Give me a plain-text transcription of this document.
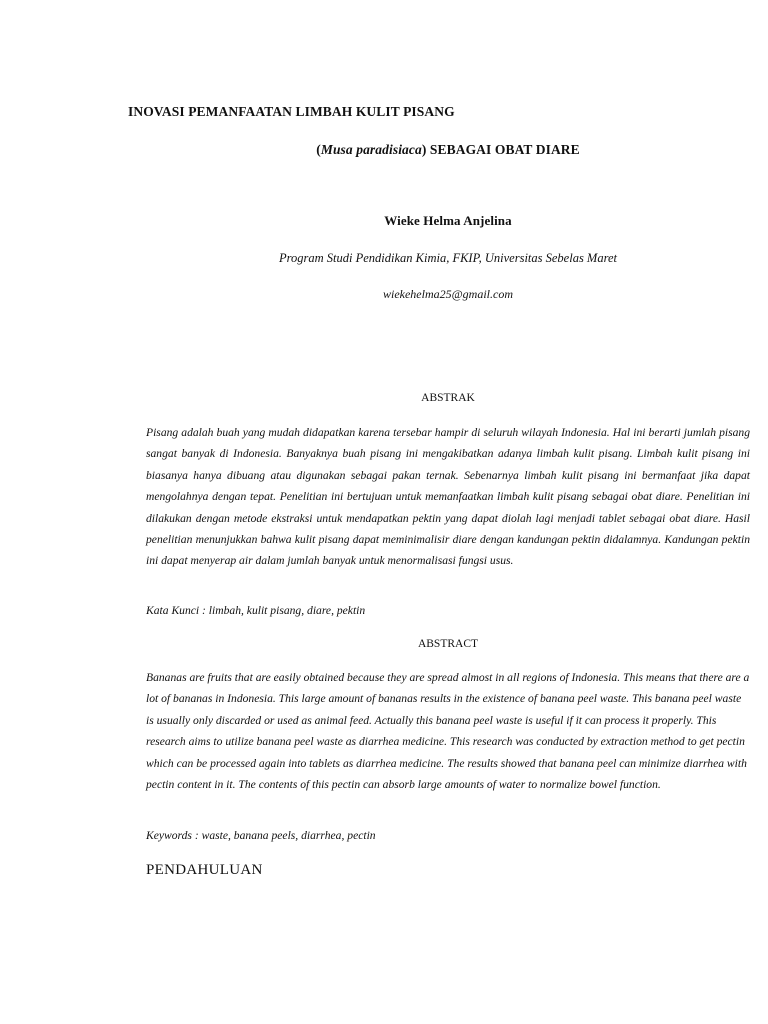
INOVASI PEMANFAATAN LIMBAH KULIT PISANG
(Musa paradisiaca) SEBAGAI OBAT DIARE
Wieke Helma Anjelina
Program Studi Pendidikan Kimia, FKIP, Universitas Sebelas Maret
wiekehelma25@gmail.com
ABSTRAK
Pisang adalah buah yang mudah didapatkan karena tersebar hampir di seluruh wilayah Indonesia. Hal ini berarti jumlah pisang sangat banyak di Indonesia. Banyaknya buah pisang ini mengakibatkan adanya limbah kulit pisang. Limbah kulit pisang ini biasanya hanya dibuang atau digunakan sebagai pakan ternak. Sebenarnya limbah kulit pisang ini bermanfaat jika dapat mengolahnya dengan tepat. Penelitian ini bertujuan untuk memanfaatkan limbah kulit pisang sebagai obat diare. Penelitian ini dilakukan dengan metode ekstraksi untuk mendapatkan pektin yang dapat diolah lagi menjadi tablet sebagai obat diare. Hasil penelitian menunjukkan bahwa kulit pisang dapat meminimalisir diare dengan kandungan pektin didalamnya. Kandungan pektin ini dapat menyerap air dalam jumlah banyak untuk menormalisasi fungsi usus.
Kata Kunci : limbah, kulit pisang, diare, pektin
ABSTRACT
Bananas are fruits that are easily obtained because they are spread almost in all regions of Indonesia. This means that there are a lot of bananas in Indonesia. This large amount of bananas results in the existence of banana peel waste. This banana peel waste is usually only discarded or used as animal feed. Actually this banana peel waste is useful if it can process it properly. This research aims to utilize banana peel waste as diarrhea medicine. This research was conducted by extraction method to get pectin which can be processed again into tablets as diarrhea medicine. The results showed that banana peel can minimize diarrhea with pectin content in it. The contents of this pectin can absorb large amounts of water to normalize bowel function.
Keywords : waste, banana peels, diarrhea, pectin
PENDAHULUAN
